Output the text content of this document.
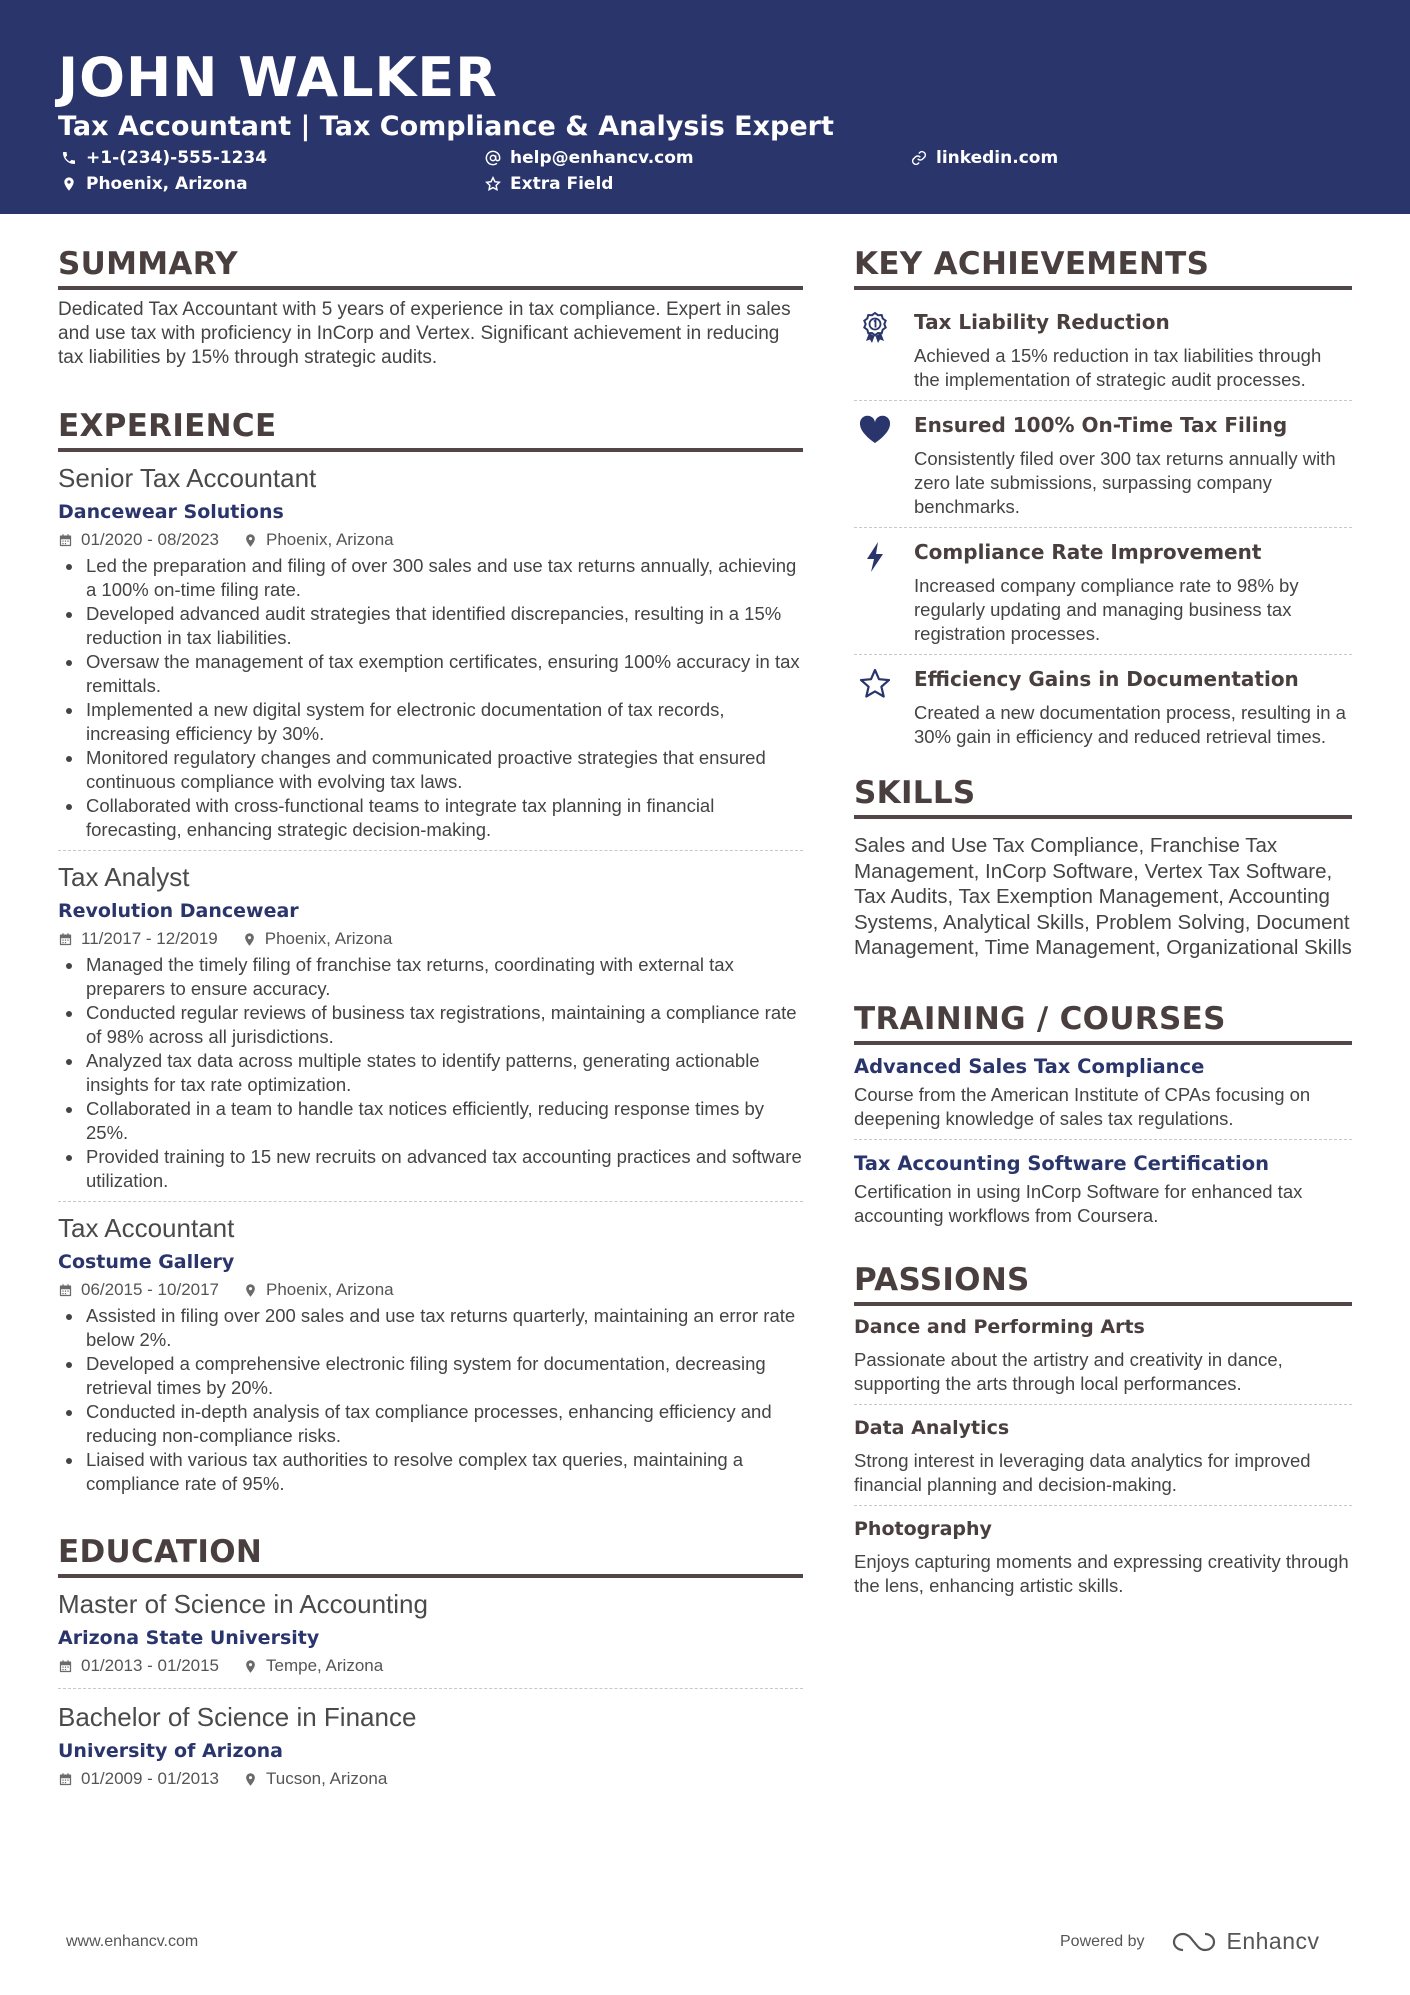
JOHN WALKER
Tax Accountant | Tax Compliance & Analysis Expert
+1-(234)-555-1234	help@enhancv.com	linkedin.com
Phoenix, Arizona	Extra Field
SUMMARY
Dedicated Tax Accountant with 5 years of experience in tax compliance. Expert in sales and use tax with proficiency in InCorp and Vertex. Significant achievement in reducing tax liabilities by 15% through strategic audits.
EXPERIENCE
Senior Tax Accountant
Dancewear Solutions
01/2020 - 08/2023	Phoenix, Arizona
Led the preparation and filing of over 300 sales and use tax returns annually, achieving a 100% on-time filing rate.
Developed advanced audit strategies that identified discrepancies, resulting in a 15% reduction in tax liabilities.
Oversaw the management of tax exemption certificates, ensuring 100% accuracy in tax remittals.
Implemented a new digital system for electronic documentation of tax records, increasing efficiency by 30%.
Monitored regulatory changes and communicated proactive strategies that ensured continuous compliance with evolving tax laws.
Collaborated with cross-functional teams to integrate tax planning in financial forecasting, enhancing strategic decision-making.
Tax Analyst
Revolution Dancewear
11/2017 - 12/2019	Phoenix, Arizona
Managed the timely filing of franchise tax returns, coordinating with external tax preparers to ensure accuracy.
Conducted regular reviews of business tax registrations, maintaining a compliance rate of 98% across all jurisdictions.
Analyzed tax data across multiple states to identify patterns, generating actionable insights for tax rate optimization.
Collaborated in a team to handle tax notices efficiently, reducing response times by 25%.
Provided training to 15 new recruits on advanced tax accounting practices and software utilization.
Tax Accountant
Costume Gallery
06/2015 - 10/2017	Phoenix, Arizona
Assisted in filing over 200 sales and use tax returns quarterly, maintaining an error rate below 2%.
Developed a comprehensive electronic filing system for documentation, decreasing retrieval times by 20%.
Conducted in-depth analysis of tax compliance processes, enhancing efficiency and reducing non-compliance risks.
Liaised with various tax authorities to resolve complex tax queries, maintaining a compliance rate of 95%.
EDUCATION
Master of Science in Accounting
Arizona State University
01/2013 - 01/2015	Tempe, Arizona
Bachelor of Science in Finance
University of Arizona
01/2009 - 01/2013	Tucson, Arizona
KEY ACHIEVEMENTS
Tax Liability Reduction
Achieved a 15% reduction in tax liabilities through the implementation of strategic audit processes.
Ensured 100% On-Time Tax Filing
Consistently filed over 300 tax returns annually with zero late submissions, surpassing company benchmarks.
Compliance Rate Improvement
Increased company compliance rate to 98% by regularly updating and managing business tax registration processes.
Efficiency Gains in Documentation
Created a new documentation process, resulting in a 30% gain in efficiency and reduced retrieval times.
SKILLS
Sales and Use Tax Compliance, Franchise Tax Management, InCorp Software, Vertex Tax Software, Tax Audits, Tax Exemption Management, Accounting Systems, Analytical Skills, Problem Solving, Document Management, Time Management, Organizational Skills
TRAINING / COURSES
Advanced Sales Tax Compliance
Course from the American Institute of CPAs focusing on deepening knowledge of sales tax regulations.
Tax Accounting Software Certification
Certification in using InCorp Software for enhanced tax accounting workflows from Coursera.
PASSIONS
Dance and Performing Arts
Passionate about the artistry and creativity in dance, supporting the arts through local performances.
Data Analytics
Strong interest in leveraging data analytics for improved financial planning and decision-making.
Photography
Enjoys capturing moments and expressing creativity through the lens, enhancing artistic skills.
www.enhancv.com	Powered by	Enhancv
